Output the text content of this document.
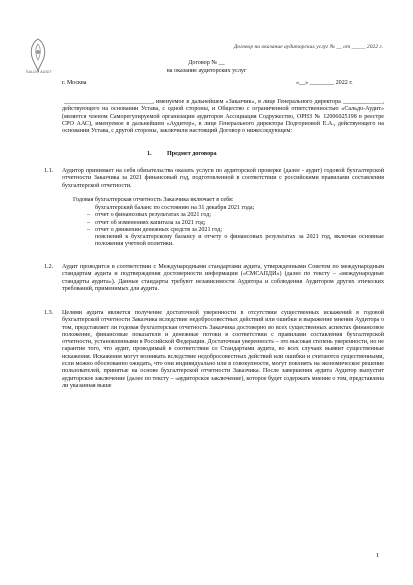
SALDO AUDIT
Договор на оказание аудиторских услуг № __ от _____ 2022 г.
Договор № __
на оказание аудиторских услуг
г. Москва	«__» ________ 2022 г.
_____________________________, именуемое в дальнейшем «Заказчик», в лице Генерального директора _____________, действующего на основании Устава, с одной стороны, и Общество с ограниченной ответственностью «Сальдо-Аудит» (является членом Саморегулируемой организации аудиторов Ассоциация Содружество, ОРНЗ № 12006025198 в реестре СРО ААС), именуемое в дальнейшем «Аудитор», в лице Генерального директора Подгорновой Е.А., действующего на основании Устава, с другой стороны, заключили настоящий Договор о нижеследующем:
1.	Предмет договора
1.1. Аудитор принимает на себя обязательства оказать услуги по аудиторской проверке (далее - аудит) годовой бухгалтерской отчетности Заказчика за 2021 финансовый год, подготовленной в соответствии с российскими правилами составления бухгалтерской отчетности.
Годовая бухгалтерская отчетность Заказчика включает в себя:
бухгалтерский баланс по состоянию на 31 декабря 2021 года;
‒ отчет о финансовых результатах за 2021 год;
‒ отчет об изменениях капитала за 2021 год;
‒ отчет о движении денежных средств за 2021 год;
пояснений к бухгалтерскому балансу и отчету о финансовых результатах за 2021 год, включая основные положения учетной политики.
1.2. Аудит проводится в соответствии с Международными стандартами аудита, утвержденными Советом по международным стандартам аудита и подтверждения достоверности информации («СМСАПДИ») (далее по тексту – «международные стандарты аудита»). Данные стандарты требуют независимости Аудитора и соблюдения Аудитором других этических требований, применимых для аудита.
1.3. Целями аудита является получение достаточной уверенности в отсутствии существенных искажений в годовой бухгалтерской отчетности Заказчика вследствие недобросовестных действий или ошибки и выражение мнения Аудитора о том, представляет ли годовая бухгалтерская отчетность Заказчика достоверно во всех существенных аспектах финансовое положение, финансовые показатели и денежные потоки в соответствии с правилами составления бухгалтерской отчетности, установленными в Российской Федерации. Достаточная уверенность – это высокая степень уверенности, но не гарантия того, что аудит, проводимый в соответствии со Стандартами аудита, во всех случаях выявит существенные искажения. Искажения могут возникать вследствие недобросовестных действий или ошибки и считаются существенными, если можно обоснованно ожидать, что они индивидуально или в совокупности, могут повлиять на экономическое решение пользователей, принятые на основе бухгалтерской отчетности Заказчика. После завершения аудита Аудитор выпустит аудиторское заключение (далее по тексту – «аудиторское заключение), которое будет содержать мнение о том, представлена ли указанная выше
1
